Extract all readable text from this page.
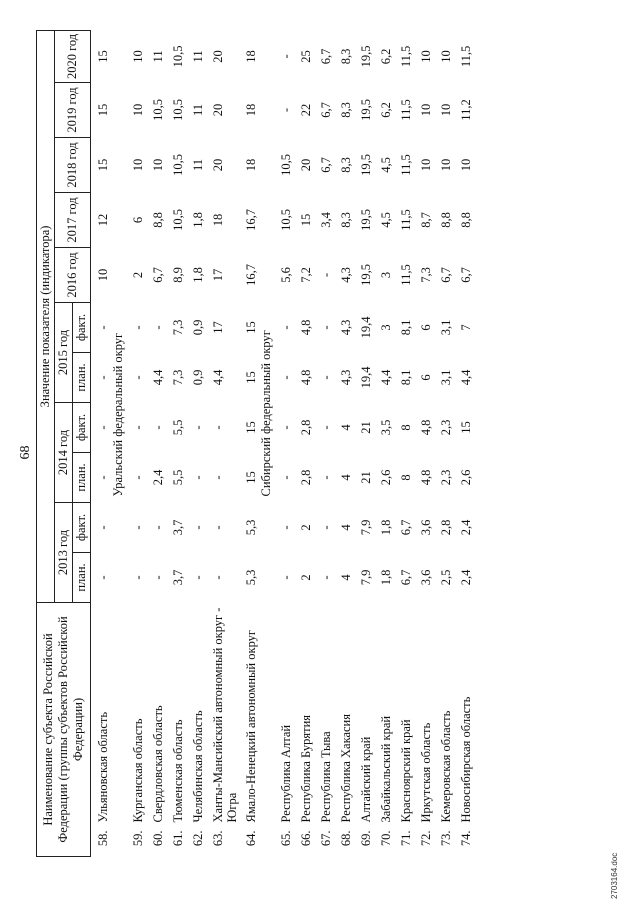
68
Наименование субъекта Российской Федерации (группы субъектов Российской Федерации)		Значение показателя (индикатора)										
		2013 год		2014 год		2015 год		2016 год	2017 год	2018 год	2019 год	2020 год
		план.	факт.	план.	факт.	план.	факт.					
58.	Ульяновская область	-	-	-	-	-	-	10	12	15	15	15
				Уральский федеральный округ								
59.	Курганская область	-	-	-	-	-	-	2	6	10	10	10
60.	Свердловская область	-	-	2,4	-	4,4	-	6,7	8,8	10	10,5	11
61.	Тюменская область	3,7	3,7	5,5	5,5	7,3	7,3	8,9	10,5	10,5	10,5	10,5
62.	Челябинская область	-	-	-	-	0,9	0,9	1,8	1,8	11	11	11
63.	Ханты-Мансийский автономный округ - Югра	-	-	-	-	4,4	17	17	18	20	20	20
64.	Ямало-Ненецкий автономный округ	5,3	5,3	15	15	15	15	16,7	16,7	18	18	18
				Сибирский федеральный округ								
65.	Республика Алтай	-	-	-	-	-	-	5,6	10,5	10,5	-	-
66.	Республика Бурятия	2	2	2,8	2,8	4,8	4,8	7,2	15	20	22	25
67.	Республика Тыва	-	-	-	-	-	-	-	3,4	6,7	6,7	6,7
68.	Республика Хакасия	4	4	4	4	4,3	4,3	4,3	8,3	8,3	8,3	8,3
69.	Алтайский край	7,9	7,9	21	21	19,4	19,4	19,5	19,5	19,5	19,5	19,5
70.	Забайкальский край	1,8	1,8	2,6	3,5	4,4	3	3	4,5	4,5	6,2	6,2
71.	Красноярский край	6,7	6,7	8	8	8,1	8,1	11,5	11,5	11,5	11,5	11,5
72.	Иркутская область	3,6	3,6	4,8	4,8	6	6	7,3	8,7	10	10	10
73.	Кемеровская область	2,5	2,8	2,3	2,3	3,1	3,1	6,7	8,8	10	10	10
74.	Новосибирская область	2,4	2,4	2,6	15	4,4	7	6,7	8,8	10	11,2	11,5
2703164.doc
